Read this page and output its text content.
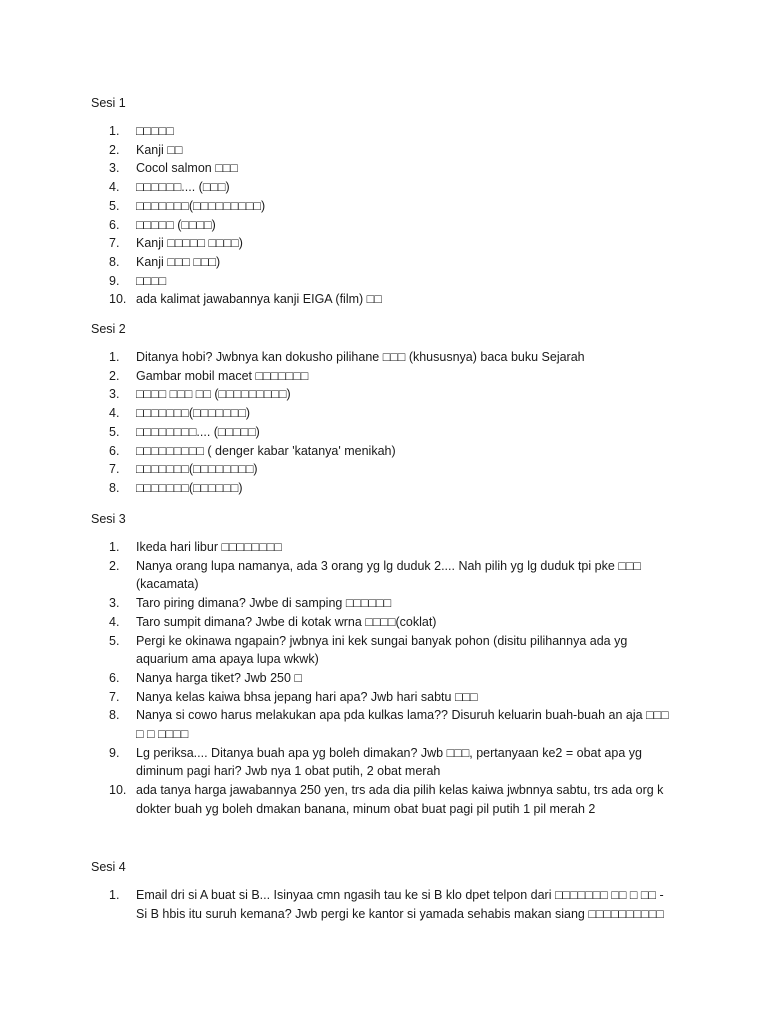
Sesi 1
1.	□□□□□
2.	Kanji □□
3.	Cocol salmon □□□
4.	□□□□□□.... (□□□)
5.	□□□□□□□(□□□□□□□□□)
6.	□□□□□ (□□□□)
7.	Kanji □□□□□ □□□□)
8.	Kanji □□□ □□□)
9.	□□□□
10. ada kalimat jawabannya kanji EIGA (film) □□
Sesi 2
1.	Ditanya hobi? Jwbnya kan dokusho pilihane □□□ (khususnya) baca buku Sejarah
2.	Gambar mobil macet □□□□□□□
3.	□□□□ □□□ □□ (□□□□□□□□□)
4.	□□□□□□□(□□□□□□□)
5.	□□□□□□□□.... (□□□□□)
6.	□□□□□□□□□ ( denger kabar 'katanya' menikah)
7.	□□□□□□□(□□□□□□□□)
8.	□□□□□□□(□□□□□□)
Sesi 3
1.	Ikeda hari libur □□□□□□□□
2.	Nanya orang lupa namanya, ada 3 orang yg lg duduk 2.... Nah pilih yg lg duduk tpi pke □□□ (kacamata)
3.	Taro piring dimana? Jwbe di samping □□□□□□
4.	Taro sumpit dimana? Jwbe di kotak wrna □□□□(coklat)
5.	Pergi ke okinawa ngapain? jwbnya ini kek sungai banyak pohon (disitu pilihannya ada yg aquarium ama apaya lupa wkwk)
6.	Nanya harga tiket? Jwb 250 □
7.	Nanya kelas kaiwa bhsa jepang hari apa? Jwb hari sabtu □□□
8.	Nanya si cowo harus melakukan apa pda kulkas lama?? Disuruh keluarin buah-buah an aja □□□ □ □ □□□□
9.	Lg periksa.... Ditanya buah apa yg boleh dimakan? Jwb □□□, pertanyaan ke2 = obat apa yg diminum pagi hari? Jwb nya 1 obat putih, 2 obat merah
10. ada tanya harga jawabannya 250 yen, trs ada dia pilih kelas kaiwa jwbnnya sabtu, trs ada org k dokter buah yg boleh dmakan banana, minum obat buat pagi pil putih 1 pil merah 2
Sesi 4
1.	Email dri si A buat si B... Isinyaa cmn ngasih tau ke si B klo dpet telpon dari □□□□□□□ □□ □ □□ - Si B hbis itu suruh kemana? Jwb pergi ke kantor si yamada sehabis makan siang □□□□□□□□□□
